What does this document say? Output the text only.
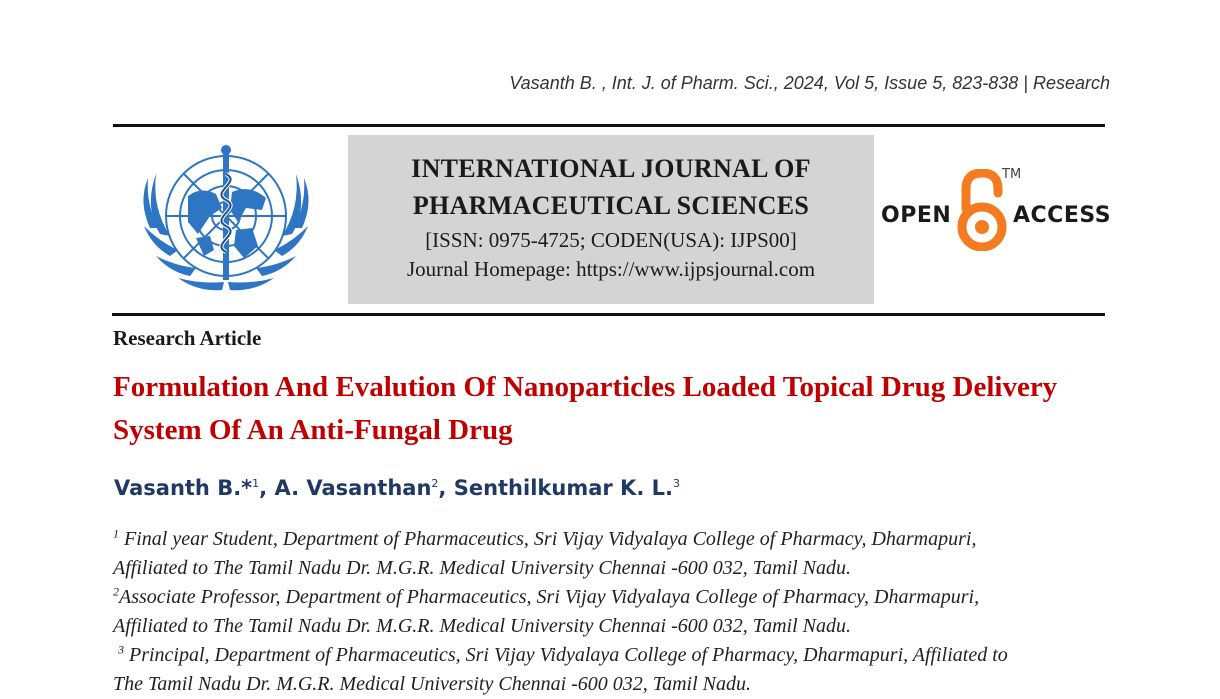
Vasanth B. , Int. J. of Pharm. Sci., 2024, Vol 5, Issue 5, 823-838 | Research
INTERNATIONAL JOURNAL OF
PHARMACEUTICAL SCIENCES
[ISSN: 0975-4725; CODEN(USA): IJPS00]
Journal Homepage: https://www.ijpsjournal.com
OPEN
TM
ACCESS
Research Article
Formulation And Evalution Of Nanoparticles Loaded Topical Drug Delivery System Of An Anti-Fungal Drug
Vasanth B.*$^1$, A. Vasanthan$^2$, Senthilkumar K. L.$^3$
$^1$ Final year Student, Department of Pharmaceutics, Sri Vijay Vidyalaya College of Pharmacy, Dharmapuri,
Affiliated to The Tamil Nadu Dr. M.G.R. Medical University Chennai -600 032, Tamil Nadu.
$^2$Associate Professor, Department of Pharmaceutics, Sri Vijay Vidyalaya College of Pharmacy, Dharmapuri,
Affiliated to The Tamil Nadu Dr. M.G.R. Medical University Chennai -600 032, Tamil Nadu.
$^3$ Principal, Department of Pharmaceutics, Sri Vijay Vidyalaya College of Pharmacy, Dharmapuri, Affiliated to
The Tamil Nadu Dr. M.G.R. Medical University Chennai -600 032, Tamil Nadu.
